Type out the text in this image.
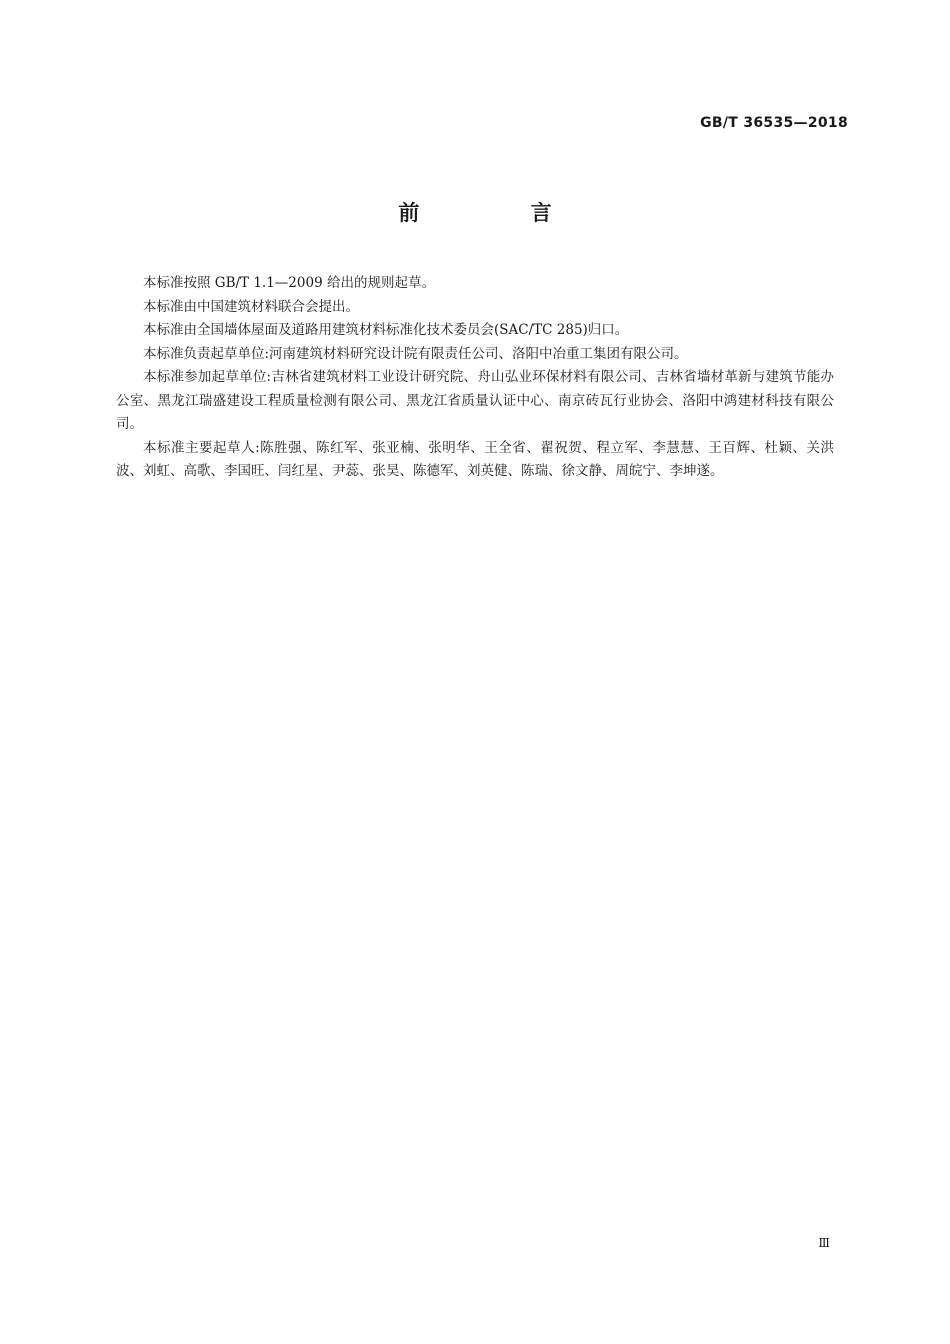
GB/T 36535—2018
前 言

本标准按照 GB/T 1.1—2009 给出的规则起草。

本标准由中国建筑材料联合会提出。

本标准由全国墙体屋面及道路用建筑材料标准化技术委员会(SAC/TC 285)归口。

本标准负责起草单位:河南建筑材料研究设计院有限责任公司、洛阳中冶重工集团有限公司。

本标准参加起草单位:吉林省建筑材料工业设计研究院、舟山弘业环保材料有限公司、吉林省墙材革新与建筑节能办公室、黑龙江瑞盛建设工程质量检测有限公司、黑龙江省质量认证中心、南京砖瓦行业协会、洛阳中鸿建材科技有限公司。

本标准主要起草人:陈胜强、陈红军、张亚楠、张明华、王全省、翟祝贺、程立军、李慧慧、王百辉、杜颖、关洪波、刘虹、高歌、李国旺、闫红星、尹蕊、张昊、陈德军、刘英健、陈瑞、徐文静、周皖宁、李坤遂。

Ⅲ
